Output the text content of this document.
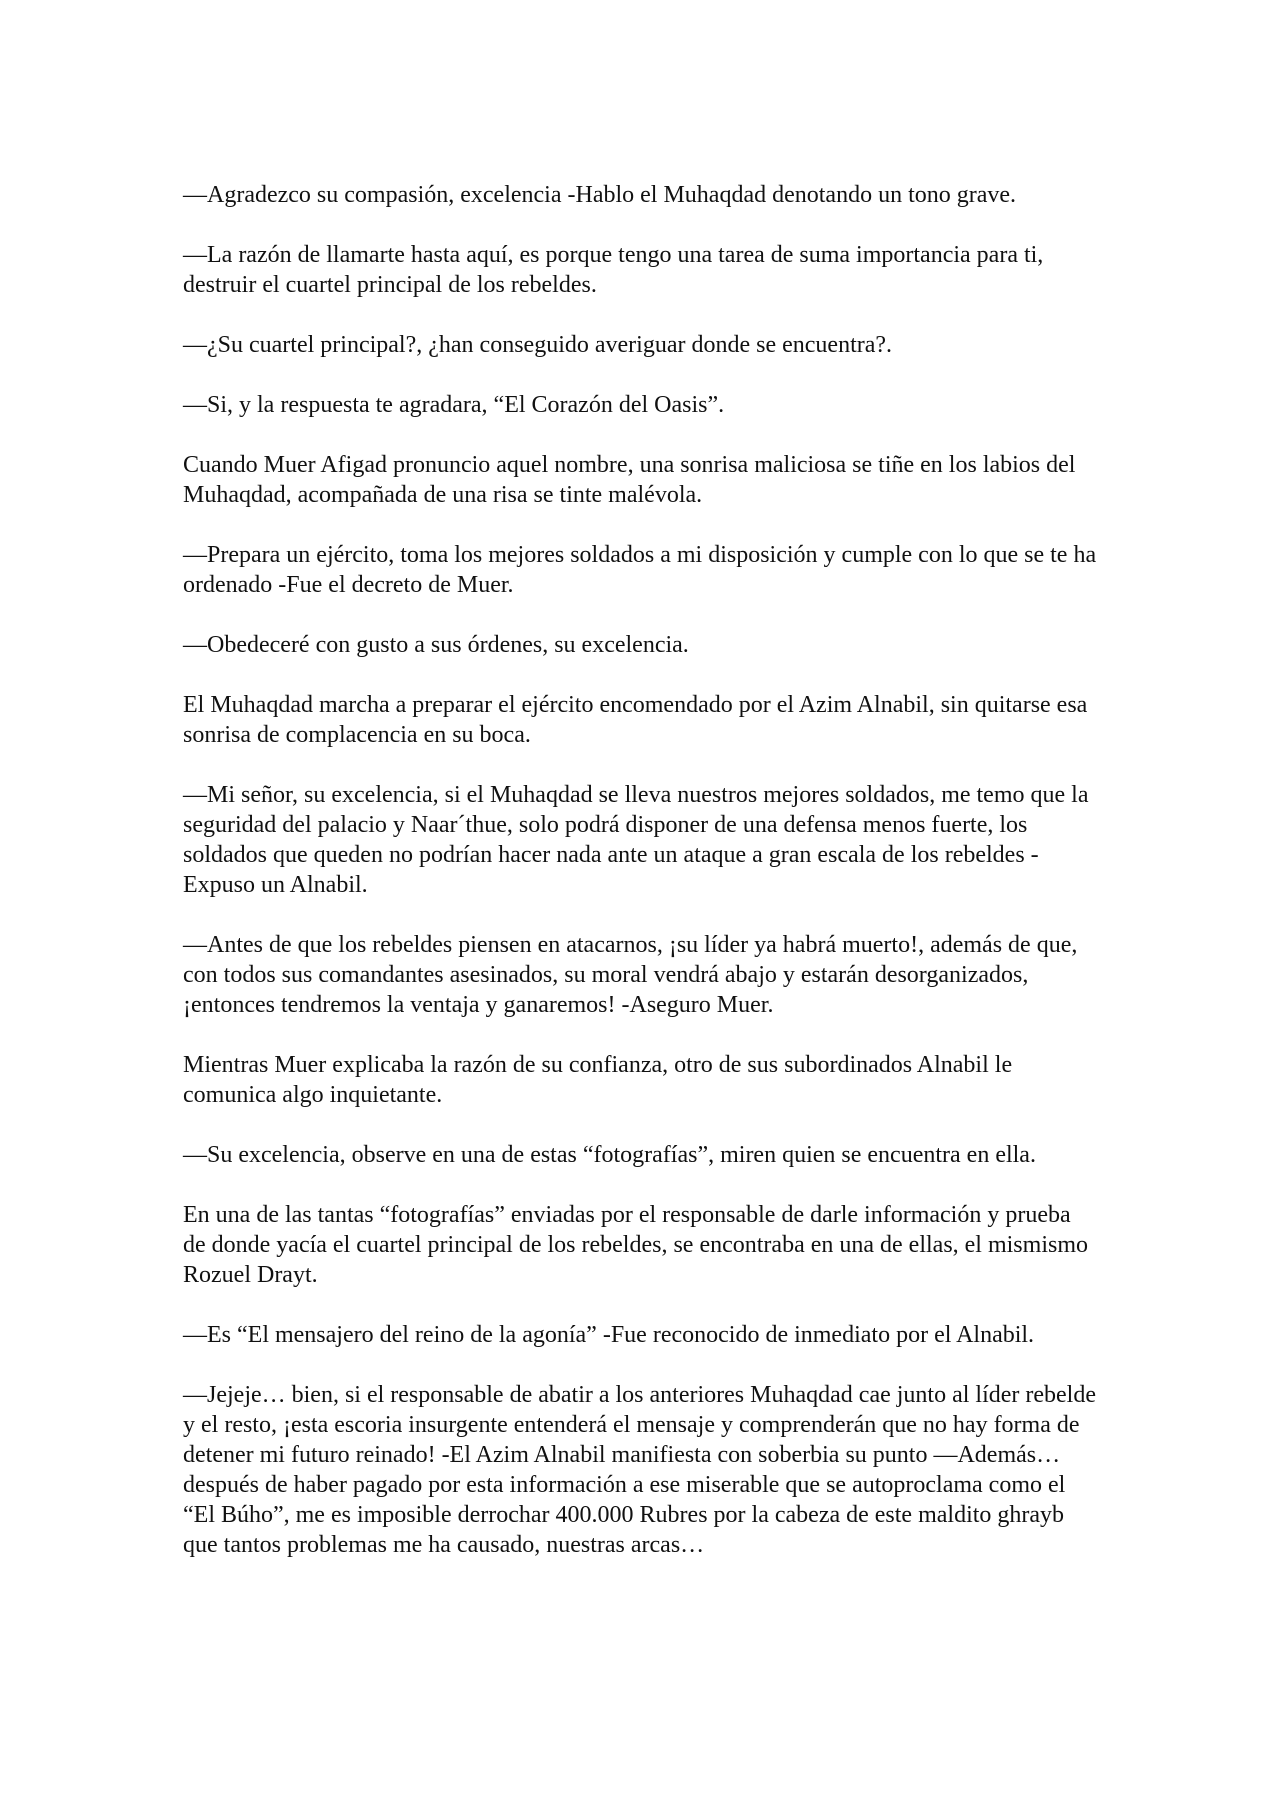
—Agradezco su compasión, excelencia -Hablo el Muhaqdad denotando un tono grave.

—La razón de llamarte hasta aquí, es porque tengo una tarea de suma importancia para ti, destruir el cuartel principal de los rebeldes.

—¿Su cuartel principal?, ¿han conseguido averiguar donde se encuentra?.

—Si, y la respuesta te agradara, “El Corazón del Oasis”.

Cuando Muer Afigad pronuncio aquel nombre, una sonrisa maliciosa se tiñe en los labios del Muhaqdad, acompañada de una risa se tinte malévola.

—Prepara un ejército, toma los mejores soldados a mi disposición y cumple con lo que se te ha ordenado -Fue el decreto de Muer.

—Obedeceré con gusto a sus órdenes, su excelencia.

El Muhaqdad marcha a preparar el ejército encomendado por el Azim Alnabil, sin quitarse esa sonrisa de complacencia en su boca.

—Mi señor, su excelencia, si el Muhaqdad se lleva nuestros mejores soldados, me temo que la seguridad del palacio y Naar´thue, solo podrá disponer de una defensa menos fuerte, los soldados que queden no podrían hacer nada ante un ataque a gran escala de los rebeldes -Expuso un Alnabil.

—Antes de que los rebeldes piensen en atacarnos, ¡su líder ya habrá muerto!, además de que, con todos sus comandantes asesinados, su moral vendrá abajo y estarán desorganizados, ¡entonces tendremos la ventaja y ganaremos! -Aseguro Muer.

Mientras Muer explicaba la razón de su confianza, otro de sus subordinados Alnabil le comunica algo inquietante.

—Su excelencia, observe en una de estas “fotografías”, miren quien se encuentra en ella.

En una de las tantas “fotografías” enviadas por el responsable de darle información y prueba de donde yacía el cuartel principal de los rebeldes, se encontraba en una de ellas, el mismismo Rozuel Drayt.

—Es “El mensajero del reino de la agonía” -Fue reconocido de inmediato por el Alnabil.

—Jejeje… bien, si el responsable de abatir a los anteriores Muhaqdad cae junto al líder rebelde y el resto, ¡esta escoria insurgente entenderá el mensaje y comprenderán que no hay forma de detener mi futuro reinado! -El Azim Alnabil manifiesta con soberbia su punto —Además… después de haber pagado por esta información a ese miserable que se autoproclama como el “El Búho”, me es imposible derrochar 400.000 Rubres por la cabeza de este maldito ghrayb que tantos problemas me ha causado, nuestras arcas…
